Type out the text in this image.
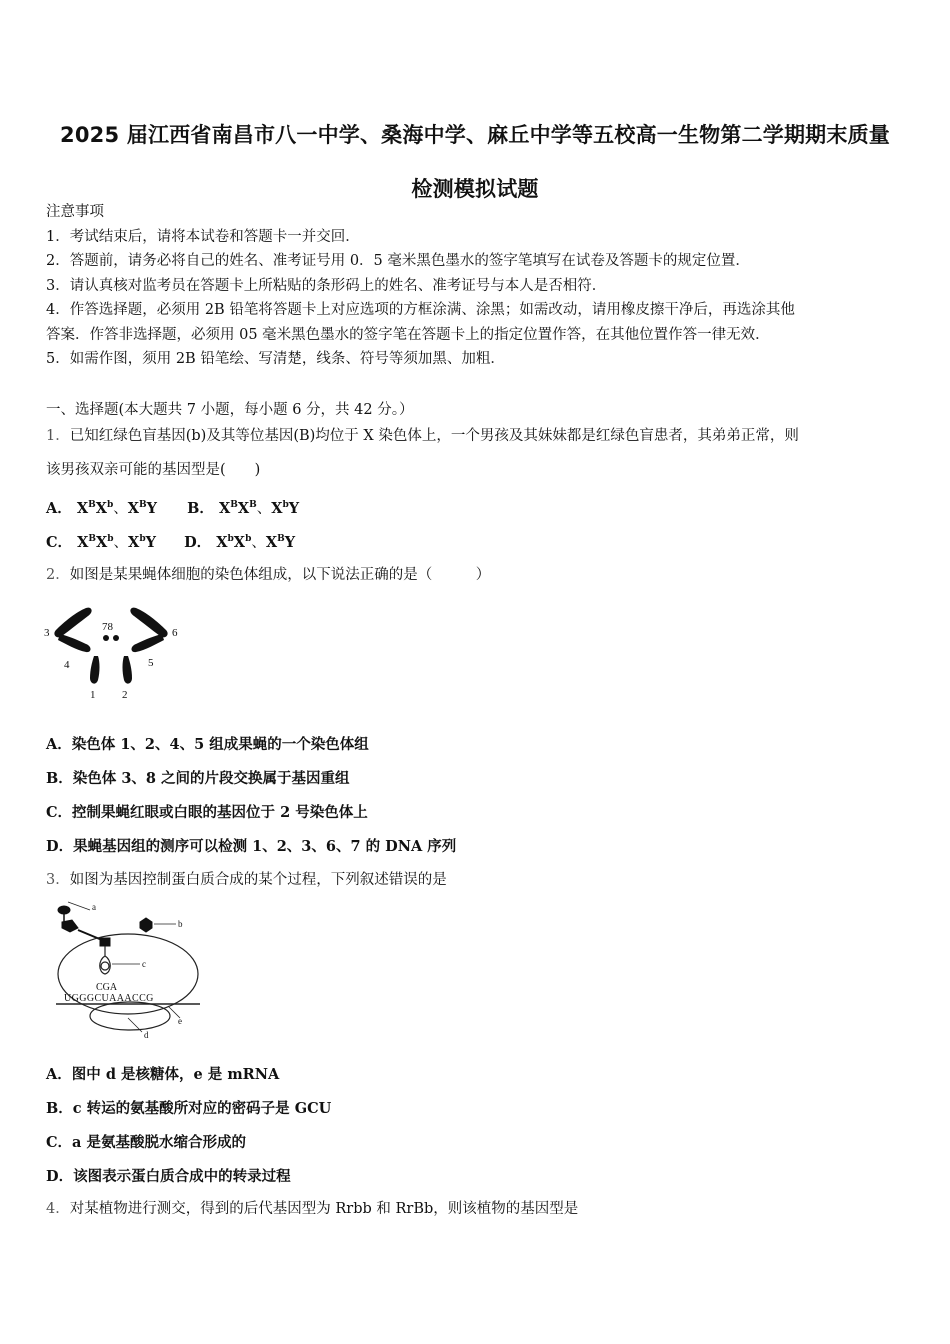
2025 届江西省南昌市八一中学、桑海中学、麻丘中学等五校高一生物第二学期期末质量
检测模拟试题
注意事项
1．考试结束后，请将本试卷和答题卡一并交回．
2．答题前，请务必将自己的姓名、准考证号用 0．5 毫米黑色墨水的签字笔填写在试卷及答题卡的规定位置．
3．请认真核对监考员在答题卡上所粘贴的条形码上的姓名、准考证号与本人是否相符．
4．作答选择题，必须用 2B 铅笔将答题卡上对应选项的方框涂满、涂黑；如需改动，请用橡皮擦干净后，再选涂其他
答案．作答非选择题，必须用 05 毫米黑色墨水的签字笔在答题卡上的指定位置作答，在其他位置作答一律无效．
5．如需作图，须用 2B 铅笔绘、写清楚，线条、符号等须加黑、加粗．
一、选择题(本大题共 7 小题，每小题 6 分，共 42 分。）
1．已知红绿色盲基因(b)及其等位基因(B)均位于 X 染色体上，一个男孩及其妹妹都是红绿色盲患者，其弟弟正常，则
该男孩双亲可能的基因型是(　　)
A． $X^BX^b$、$X^BY$ B． $X^BX^B$、$X^bY$
C． $X^BX^b$、$X^bY$ D． $X^bX^b$、$X^BY$
2．如图是某果蝇体细胞的染色体组成，以下说法正确的是（　　　）
3	78	6
4	5
1 2
A．染色体 1、2、4、5 组成果蝇的一个染色体组
B．染色体 3、8 之间的片段交换属于基因重组
C．控制果蝇红眼或白眼的基因位于 2 号染色体上
D．果蝇基因组的测序可以检测 1、2、3、6、7 的 DNA 序列
3．如图为基因控制蛋白质合成的某个过程，下列叙述错误的是
a
b
c
CGA
UGGGCUAAACCG
e
d
A．图中 d 是核糖体，e 是 mRNA
B．c 转运的氨基酸所对应的密码子是 GCU
C．a 是氨基酸脱水缩合形成的
D．该图表示蛋白质合成中的转录过程
4．对某植物进行测交，得到的后代基因型为 Rrbb 和 RrBb，则该植物的基因型是
